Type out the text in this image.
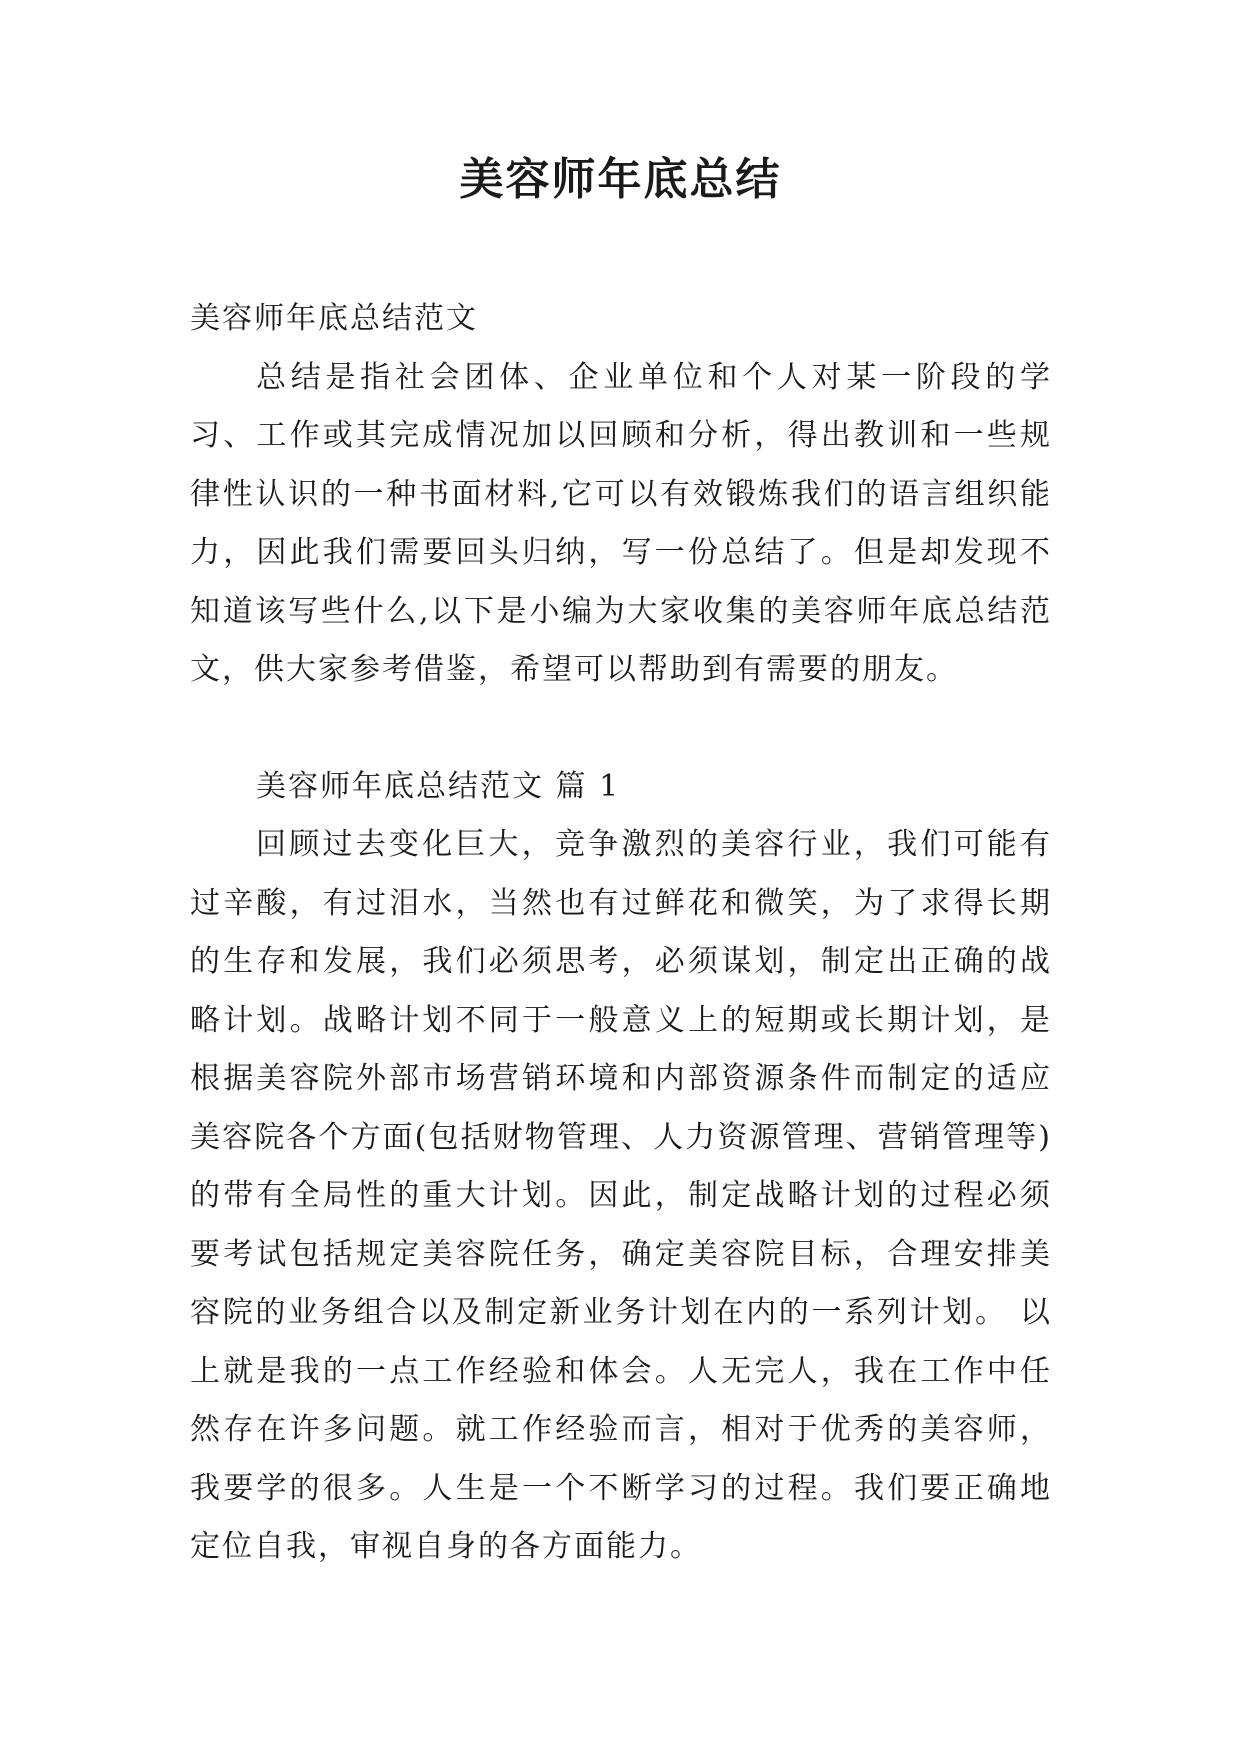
美容师年底总结

美容师年底总结范文

总结是指社会团体、企业单位和个人对某一阶段的学习、工作或其完成情况加以回顾和分析，得出教训和一些规律性认识的一种书面材料,它可以有效锻炼我们的语言组织能力，因此我们需要回头归纳，写一份总结了。但是却发现不知道该写些什么,以下是小编为大家收集的美容师年底总结范文，供大家参考借鉴，希望可以帮助到有需要的朋友。

美容师年底总结范文 篇 1

回顾过去变化巨大，竞争激烈的美容行业，我们可能有过辛酸，有过泪水，当然也有过鲜花和微笑，为了求得长期的生存和发展，我们必须思考，必须谋划，制定出正确的战略计划。战略计划不同于一般意义上的短期或长期计划，是根据美容院外部市场营销环境和内部资源条件而制定的适应美容院各个方面(包括财物管理、人力资源管理、营销管理等)的带有全局性的重大计划。因此，制定战略计划的过程必须要考试包括规定美容院任务，确定美容院目标，合理安排美容院的业务组合以及制定新业务计划在内的一系列计划。 以上就是我的一点工作经验和体会。人无完人，我在工作中任然存在许多问题。就工作经验而言，相对于优秀的美容师，我要学的很多。人生是一个不断学习的过程。我们要正确地定位自我，审视自身的各方面能力。
